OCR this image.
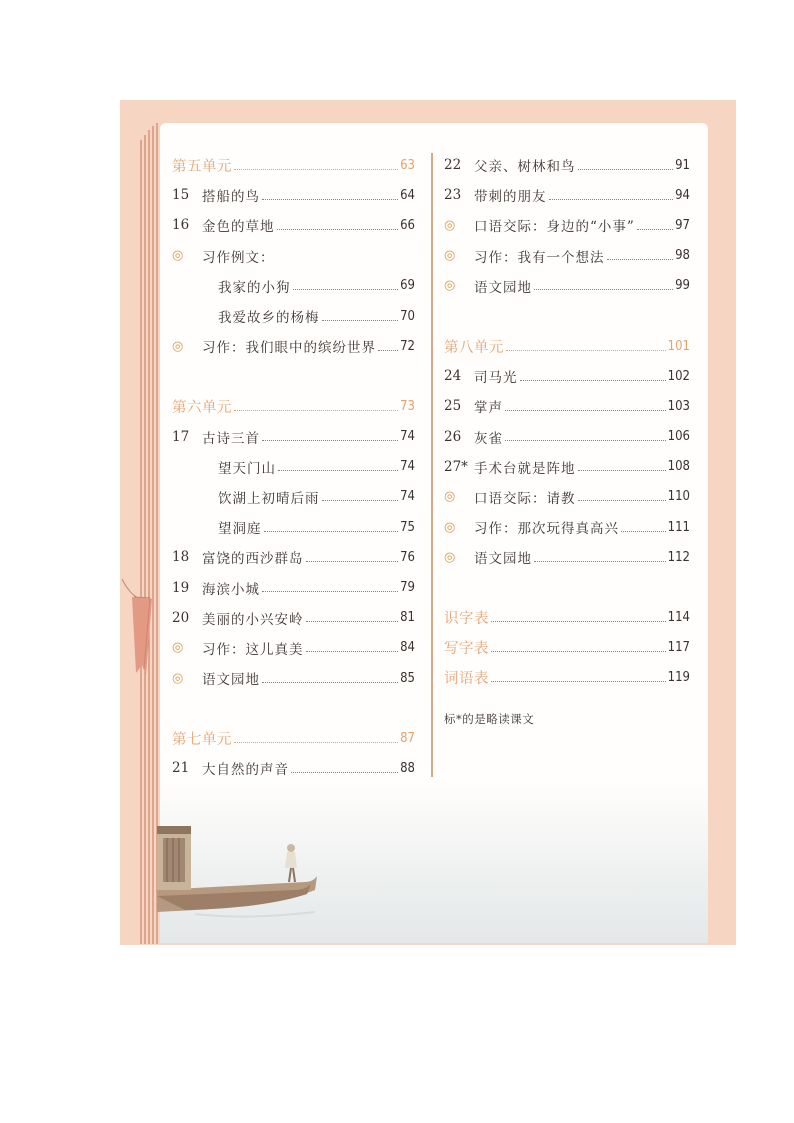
第五单元	63
15 搭船的鸟	64
16 金色的草地	66
◎	习作例文：
我家的小狗	69
我爱故乡的杨梅	70
◎	习作：我们眼中的缤纷世界 72
第六单元	73
17 古诗三首	74
望天门山	74
饮湖上初晴后雨	74
望洞庭	75
18 富饶的西沙群岛	76
19 海滨小城	79
20 美丽的小兴安岭	81
◎	习作：这儿真美	84
◎	语文园地	85
第七单元	87
21 大自然的声音	88
22 父亲、树林和鸟	91
23 带刺的朋友	94
◎	口语交际：身边的“小事”	97
◎	习作：我有一个想法	98
◎	语文园地	99
第八单元	101
24 司马光	102
25 掌声	103
26 灰雀	106
27* 手术台就是阵地	108
◎	口语交际：请教	110
◎	习作：那次玩得真高兴	111
◎	语文园地	112
识字表	114
写字表	117
词语表	119
标*的是略读课文
